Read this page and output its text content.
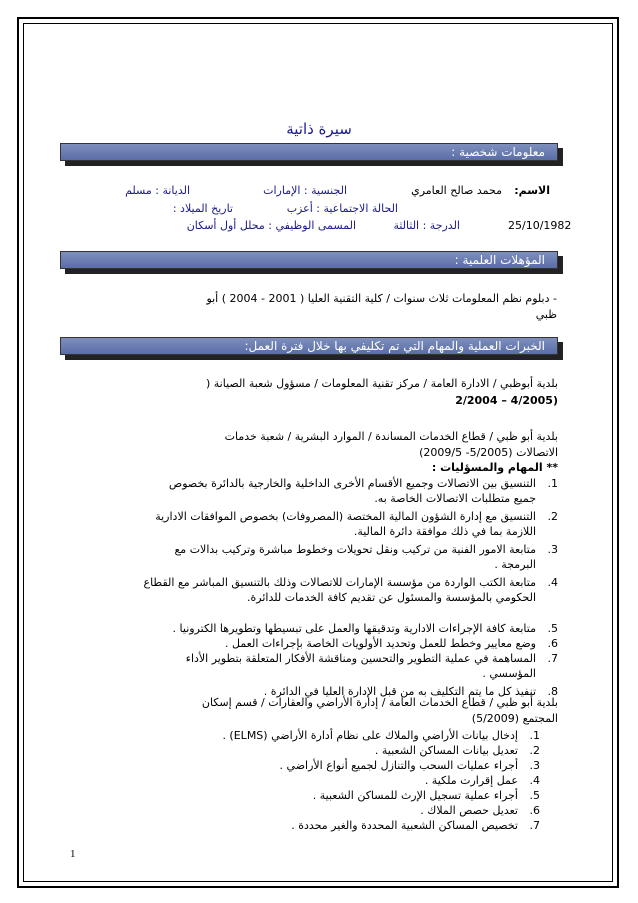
سيرة ذاتية
معلومات شخصية :
الاسم:
محمد صالح العامري
الجنسية : الإمارات
الديانة : مسلم
الحالة الاجتماعية : أعزب
تاريخ الميلاد :
25/10/1982
الدرجة : الثالثة
المسمى الوظيفي : محلل أول أسكان
المؤهلات العلمية :
- دبلوم نظم المعلومات ثلاث سنوات / كلية التقنية العليا ( 2001 - 2004 ) أبو
ظبي
الخبرات العملية والمهام التي تم تكليفي بها خلال فترة العمل:
بلدية أبوظبي / الادارة العامة / مركز تقنية المعلومات / مسؤول شعبة الصيانة (
(4/2005 – 2/2004
بلدية أبو ظبي / قطاع الخدمات المساندة / الموارد البشرية / شعبة خدمات
الاتصالات (5/2005- 2009/5)
** المهام والمسؤليات :
1.
التنسيق بين الاتصالات وجميع الأقسام الأخرى الداخلية والخارجية بالدائرة بخصوص
جميع متطلبات الاتصالات الخاصة به.
2.
التنسيق مع إدارة الشؤون المالية المختصة (المصروفات) بخصوص الموافقات الادارية
اللازمة بما في ذلك موافقة دائرة المالية.
3.
متابعة الامور الفنية من تركيب ونقل تحويلات وخطوط مباشرة وتركيب بدالات مع
البرمجة .
4.
متابعة الكتب الواردة من مؤسسة الإمارات للاتصالات وذلك بالتنسيق المباشر مع القطاع
الحكومي بالمؤسسة والمسئول عن تقديم كافة الخدمات للدائرة.
5.
متابعة كافة الإجراءات الادارية وتدقيقها والعمل على تبسيطها وتطويرها الكترونيا .
6.
وضع معايير وخطط للعمل وتحديد الأولويات الخاصة بإجراءات العمل .
7.
المساهمة في عملية التطوير والتحسين ومناقشة الأفكار المتعلقة بتطوير الأداء
المؤسسي .
8.
تنفيذ كل ما يتم التكليف به من قبل الإدارة العليا في الدائرة .
بلدية أبو ظبي / قطاع الخدمات العامة / إدارة الأراضي والعقارات / قسم إسكان
المجتمع (5/2009)
1.
إدخال بيانات الأراضي والملاك على نظام أدارة الأراضي (ELMS) .
2.
تعديل بيانات المساكن الشعبية .
3.
أجراء عمليات السحب والتنازل لجميع أنواع الأراضي .
4.
عمل إقرارت ملكية .
5.
أجراء عملية تسجيل الإرث للمساكن الشعبية .
6.
تعديل حصص الملاك .
7.
تخصيص المساكن الشعبية المحددة والغير محددة .
1
